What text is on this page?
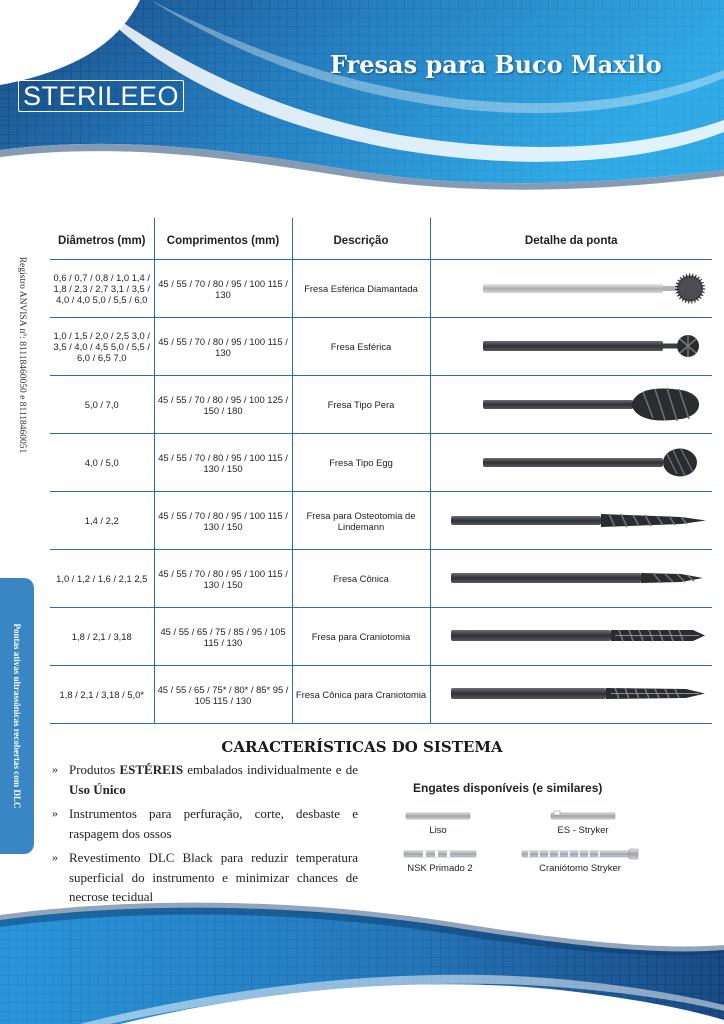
STERILEEO
Fresas para Buco Maxilo
Registro ANVISA nº: 81118460050 e 81118460051
Pontas ativas ultrassônicas recobertas com DLC
Diâmetros (mm)	Comprimentos (mm)	Descrição	Detalhe da ponta
0,6 / 0,7 / 0,8 / 1,0 1,4 / 1,8 / 2,3 / 2,7 3,1 / 3,5 / 4,0 / 4,0 5,0 / 5,5 / 6,0	45 / 55 / 70 / 80 / 95 / 100 115 / 130	Fresa Esférica Diamantada	

1,0 / 1,5 / 2,0 / 2,5 3,0 / 3,5 / 4,0 / 4,5 5,0 / 5,5 / 6,0 / 6,5 7,0	45 / 55 / 70 / 80 / 95 / 100 115 / 130	Fresa Esférica	

5,0 / 7,0	45 / 55 / 70 / 80 / 95 / 100 125 / 150 / 180	Fresa Tipo Pera	

4,0 / 5,0	45 / 55 / 70 / 80 / 95 / 100 115 / 130 / 150	Fresa Tipo Egg	

1,4 / 2,2	45 / 55 / 70 / 80 / 95 / 100 115 / 130 / 150	Fresa para Osteotomia de Lindemann	

1,0 / 1,2 / 1,6 / 2,1 2,5	45 / 55 / 70 / 80 / 95 / 100 115 / 130 / 150	Fresa Cônica	

1,8 / 2,1 / 3,18	45 / 55 / 65 / 75 / 85 / 95 / 105 115 / 130	Fresa para Craniotomia	

1,8 / 2,1 / 3,18 / 5,0*	45 / 55 / 65 / 75* / 80* / 85* 95 / 105 115 / 130	Fresa Cônica para Craniotomia	
CARACTERÍSTICAS DO SISTEMA
» Produtos ESTÉREIS embalados individualmente e de Uso Único
» Instrumentos para perfuração, corte, desbaste e raspagem dos ossos
» Revestimento DLC Black para reduzir temperatura superficial do instrumento e minimizar chances de necrose tecidual
Engates disponíveis (e similares)
Liso	ES - Stryker
NSK Primado 2	Craniótomo Stryker
